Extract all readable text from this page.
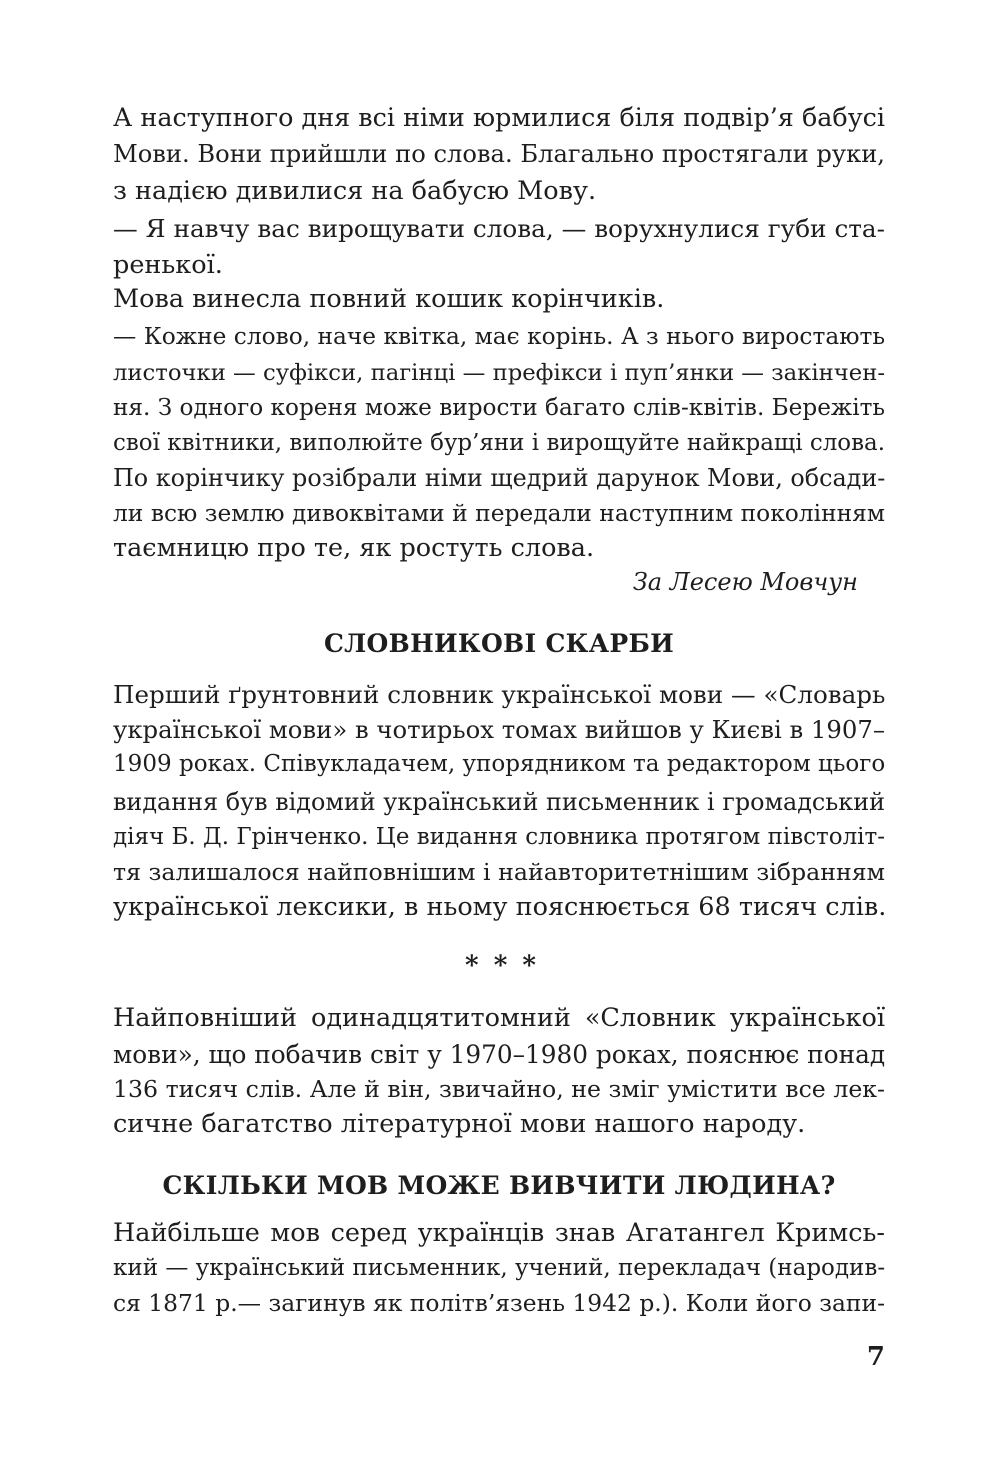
А наступного дня всі німи юрмилися біля подвір’я бабусі
Мови. Вони прийшли по слова. Благально простягали руки,
з надією дивилися на бабусю Мову.
— Я навчу вас вирощувати слова, — ворухнулися губи ста-
ренької.
Мова винесла повний кошик корінчиків.
— Кожне слово, наче квітка, має корінь. А з нього виростають
листочки — суфікси, пагінці — префікси і пуп’янки — закінчен-
ня. З одного кореня може вирости багато слів-квітів. Бережіть
свої квітники, виполюйте бур’яни і вирощуйте найкращі слова.
По корінчику розібрали німи щедрий дарунок Мови, обсади-
ли всю землю дивоквітами й передали наступним поколінням
таємницю про те, як ростуть слова.
За Лесею Мовчун
СЛОВНИКОВІ СКАРБИ
Перший ґрунтовний словник української мови — «Словарь
української мови» в чотирьох томах вийшов у Києві в 1907–
1909 роках. Співукладачем, упорядником та редактором цього
видання був відомий український письменник і громадський
діяч Б. Д. Грінченко. Це видання словника протягом півстоліт-
тя залишалося найповнішим і найавторитетнішим зібранням
української лексики, в ньому пояснюється 68 тисяч слів.
* * *
Найповніший одинадцятитомний «Словник української
мови», що побачив світ у 1970–1980 роках, пояснює понад
136 тисяч слів. Але й він, звичайно, не зміг умістити все лек-
сичне багатство літературної мови нашого народу.
СКІЛЬКИ МОВ МОЖЕ ВИВЧИТИ ЛЮДИНА?
Найбільше мов серед українців знав Агатангел Кримсь-
кий — український письменник, учений, перекладач (народив-
ся 1871 р.— загинув як політв’язень 1942 р.). Коли його запи-
7
